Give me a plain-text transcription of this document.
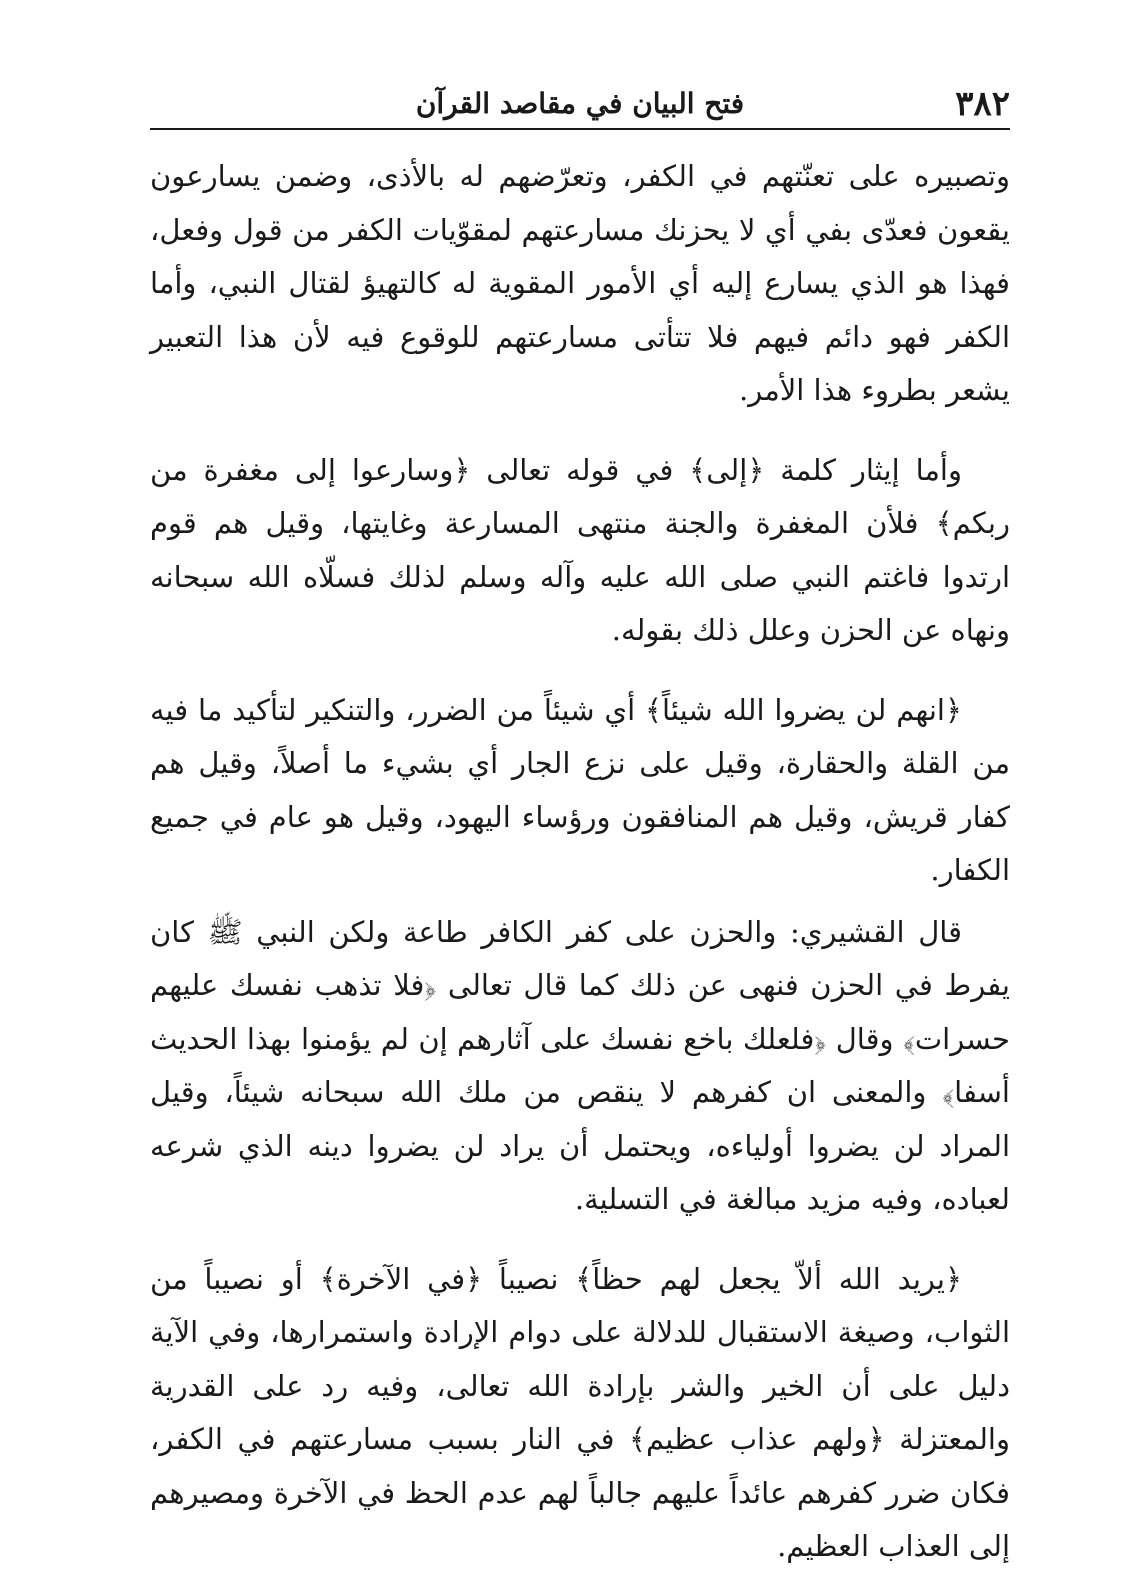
٣٨٢
فتح البيان في مقاصد القرآن

وتصبيره على تعنّتهم في الكفر، وتعرّضهم له بالأذى، وضمن يسارعون يقعون فعدّى بفي أي لا يحزنك مسارعتهم لمقوّيات الكفر من قول وفعل، فهذا هو الذي يسارع إليه أي الأمور المقوية له كالتهيؤ لقتال النبي، وأما الكفر فهو دائم فيهم فلا تتأتى مسارعتهم للوقوع فيه لأن هذا التعبير يشعر بطروء هذا الأمر.

وأما إيثار كلمة ﴿إلى﴾ في قوله تعالى ﴿وسارعوا إلى مغفرة من ربكم﴾ فلأن المغفرة والجنة منتهى المسارعة وغايتها، وقيل هم قوم ارتدوا فاغتم النبي صلى الله عليه وآله وسلم لذلك فسلّاه الله سبحانه ونهاه عن الحزن وعلل ذلك بقوله.

﴿انهم لن يضروا الله شيئاً﴾ أي شيئاً من الضرر، والتنكير لتأكيد ما فيه من القلة والحقارة، وقيل على نزع الجار أي بشيء ما أصلاً، وقيل هم كفار قريش، وقيل هم المنافقون ورؤساء اليهود، وقيل هو عام في جميع الكفار.

قال القشيري: والحزن على كفر الكافر طاعة ولكن النبي ﷺ كان يفرط في الحزن فنهى عن ذلك كما قال تعالى ﴿فلا تذهب نفسك عليهم حسرات﴾ وقال ﴿فلعلك باخع نفسك على آثارهم إن لم يؤمنوا بهذا الحديث أسفا﴾ والمعنى ان كفرهم لا ينقص من ملك الله سبحانه شيئاً، وقيل المراد لن يضروا أولياءه، ويحتمل أن يراد لن يضروا دينه الذي شرعه لعباده، وفيه مزيد مبالغة في التسلية.

﴿يريد الله ألاّ يجعل لهم حظاً﴾ نصيباً ﴿في الآخرة﴾ أو نصيباً من الثواب، وصيغة الاستقبال للدلالة على دوام الإرادة واستمرارها، وفي الآية دليل على أن الخير والشر بإرادة الله تعالى، وفيه رد على القدرية والمعتزلة ﴿ولهم عذاب عظيم﴾ في النار بسبب مسارعتهم في الكفر، فكان ضرر كفرهم عائداً عليهم جالباً لهم عدم الحظ في الآخرة ومصيرهم إلى العذاب العظيم.
